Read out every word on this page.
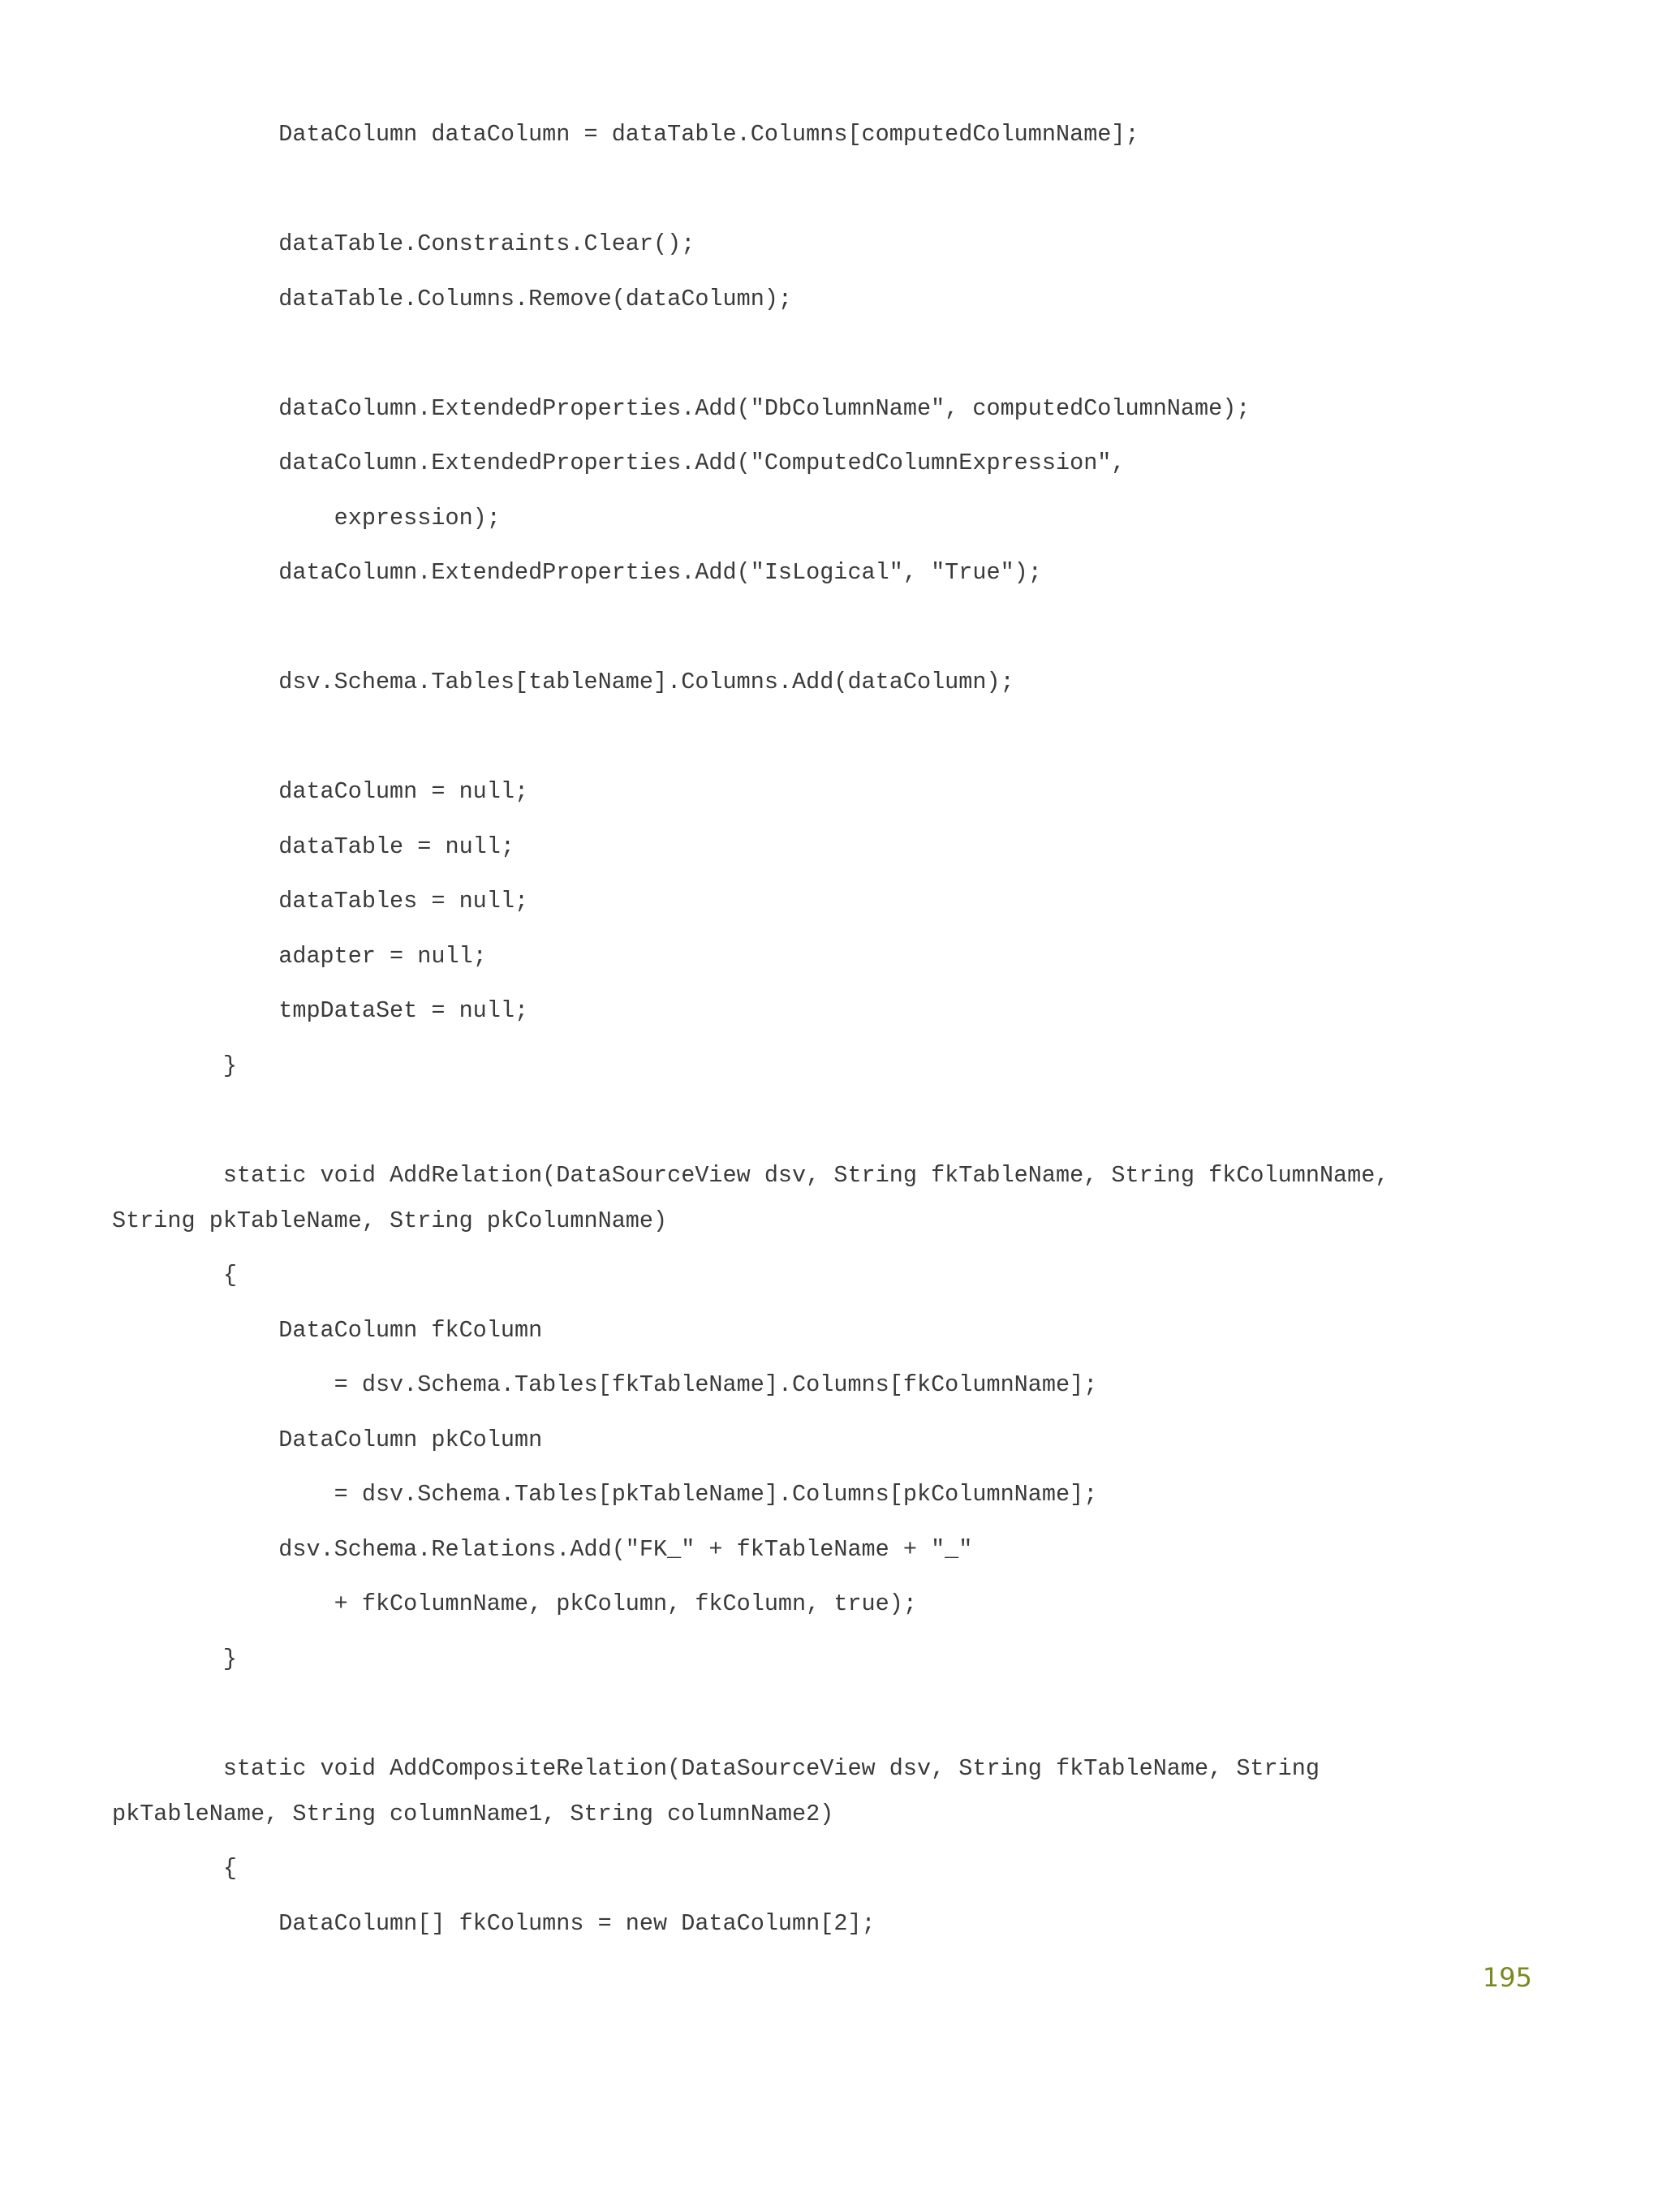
DataColumn dataColumn = dataTable.Columns[computedColumnName];
dataTable.Constraints.Clear();
dataTable.Columns.Remove(dataColumn);
dataColumn.ExtendedProperties.Add("DbColumnName", computedColumnName);
dataColumn.ExtendedProperties.Add("ComputedColumnExpression",
expression);
dataColumn.ExtendedProperties.Add("IsLogical", "True");
dsv.Schema.Tables[tableName].Columns.Add(dataColumn);
dataColumn = null;
dataTable = null;
dataTables = null;
adapter = null;
tmpDataSet = null;
}
static void AddRelation(DataSourceView dsv, String fkTableName, String fkColumnName,
String pkTableName, String pkColumnName)
{
DataColumn fkColumn
= dsv.Schema.Tables[fkTableName].Columns[fkColumnName];
DataColumn pkColumn
= dsv.Schema.Tables[pkTableName].Columns[pkColumnName];
dsv.Schema.Relations.Add("FK_" + fkTableName + "_"
+ fkColumnName, pkColumn, fkColumn, true);
}
static void AddCompositeRelation(DataSourceView dsv, String fkTableName, String
pkTableName, String columnName1, String columnName2)
{
DataColumn[] fkColumns = new DataColumn[2];
195
